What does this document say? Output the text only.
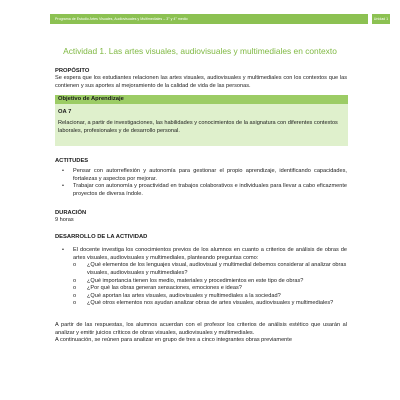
Programa de Estudio Artes Visuales, Audiovisuales y Multimediales – 3° y 4° medio	Unidad 1
Actividad 1. Las artes visuales, audiovisuales y multimediales en contexto
PROPÓSITO
Se espera que los estudiantes relacionen las artes visuales, audiovisuales y multimediales con los contextos que las contienen y sus aportes al mejoramiento de la calidad de vida de las personas.
Objetivo de Aprendizaje
OA 7
Relacionar, a partir de investigaciones, las habilidades y conocimientos de la asignatura con diferentes contextos laborales, profesionales y de desarrollo personal.
ACTITUDES
• Pensar con autorreflexión y autonomía para gestionar el propio aprendizaje, identificando capacidades, fortalezas y aspectos por mejorar.
• Trabajar con autonomía y proactividad en trabajos colaborativos e individuales para llevar a cabo eficazmente proyectos de diversa índole.
DURACIÓN
9 horas
DESARROLLO DE LA ACTIVIDAD
• El docente investiga los conocimientos previos de los alumnos en cuanto a criterios de análisis de obras de artes visuales, audiovisuales y multimediales, planteando preguntas como:
o ¿Qué elementos de los lenguajes visual, audiovisual y multimedial debemos considerar al analizar obras visuales, audiovisuales y multimediales?
o ¿Qué importancia tienen los medio, materiales y procedimientos en este tipo de obras?
o ¿Por qué las obras generan sensaciones, emociones e ideas?
o ¿Qué aportan las artes visuales, audiovisuales y multimediales a la sociedad?
o ¿Qué otros elementos nos ayudan analizar obras de artes visuales, audiovisuales y multimediales?
A partir de las respuestas, los alumnos acuerdan con el profesor los criterios de análisis estético que usarán al analizar y emitir juicios críticos de obras visuales, audiovisuales y multimediales.
A continuación, se reúnen para analizar en grupo de tres a cinco integrantes obras previamente
